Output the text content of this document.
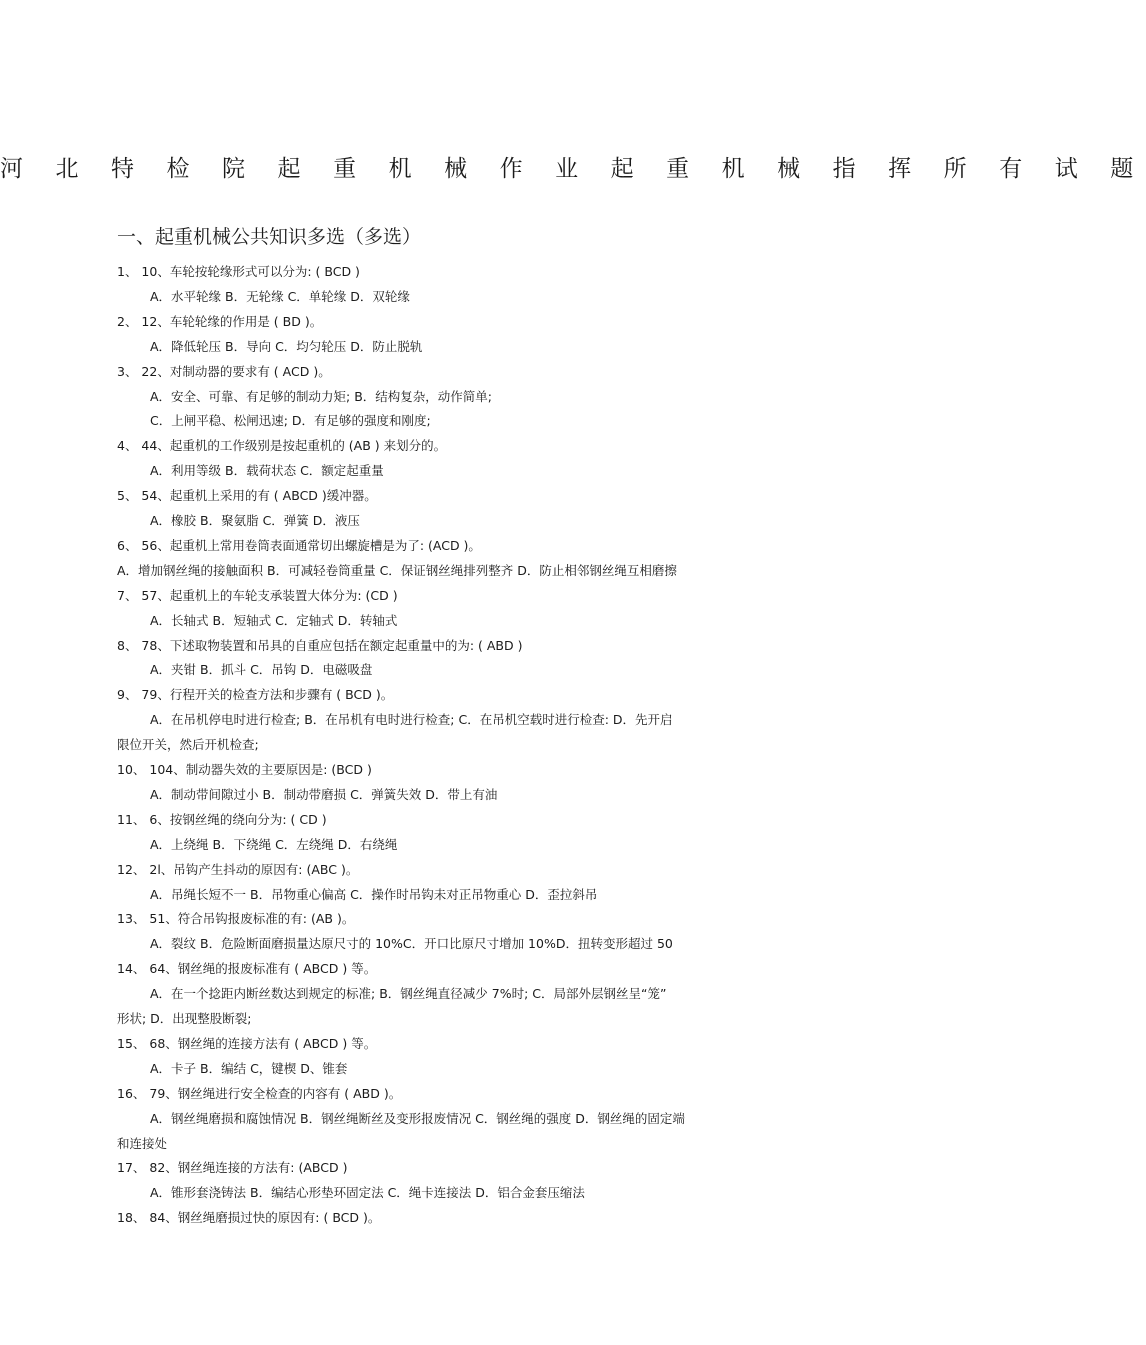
河 北 特 检 院 起 重 机 械 作 业 起 重 机 械 指 挥 所 有 试 题
一、起重机械公共知识多选（多选）
1、 10、车轮按轮缘形式可以分为: ( BCD )
A．水平轮缘 B．无轮缘 C．单轮缘 D．双轮缘
2、 12、车轮轮缘的作用是 ( BD )。
A．降低轮压 B．导向 C．均匀轮压 D．防止脱轨
3、 22、对制动器的要求有 ( ACD )。
A．安全、可靠、有足够的制动力矩; B．结构复杂，动作简单;
C．上闸平稳、松闸迅速; D．有足够的强度和刚度;
4、 44、起重机的工作级别是按起重机的 (AB ) 来划分的。
A．利用等级 B．载荷状态 C．额定起重量
5、 54、起重机上采用的有 ( ABCD )缓冲器。
A．橡胶 B．聚氨脂 C．弹簧 D．液压
6、 56、起重机上常用卷筒表面通常切出螺旋槽是为了: (ACD )。
A．增加钢丝绳的接触面积 B．可减轻卷筒重量 C．保证钢丝绳排列整齐 D．防止相邻钢丝绳互相磨擦
7、 57、起重机上的车轮支承装置大体分为: (CD )
A．长轴式 B．短轴式 C．定轴式 D．转轴式
8、 78、下述取物装置和吊具的自重应包括在额定起重量中的为: ( ABD )
A．夹钳 B．抓斗 C．吊钩 D．电磁吸盘
9、 79、行程开关的检查方法和步骤有 ( BCD )。
A．在吊机停电时进行检查; B．在吊机有电时进行检查; C．在吊机空载时进行检查: D．先开启
限位开关，然后开机检查;
10、 104、制动器失效的主要原因是: (BCD )
A．制动带间隙过小 B．制动带磨损 C．弹簧失效 D．带上有油
11、 6、按钢丝绳的绕向分为: ( CD )
A．上绕绳 B．下绕绳 C．左绕绳 D．右绕绳
12、 2l、吊钩产生抖动的原因有: (ABC )。
A．吊绳长短不一 B．吊物重心偏高 C．操作时吊钩未对正吊物重心 D．歪拉斜吊
13、 51、符合吊钩报废标准的有: (AB )。
A．裂纹 B．危险断面磨损量达原尺寸的 10%C．开口比原尺寸增加 10%D．扭转变形超过 50
14、 64、钢丝绳的报废标准有 ( ABCD ) 等。
A．在一个捻距内断丝数达到规定的标准; B．钢丝绳直径减少 7%时; C．局部外层钢丝呈“笼”
形状; D．出现整股断裂;
15、 68、钢丝绳的连接方法有 ( ABCD ) 等。
A．卡子 B．编结 C，键楔 D、锥套
16、 79、钢丝绳进行安全检查的内容有 ( ABD )。
A．钢丝绳磨损和腐蚀情况 B．钢丝绳断丝及变形报废情况 C．钢丝绳的强度 D．钢丝绳的固定端
和连接处
17、 82、钢丝绳连接的方法有: (ABCD )
A．锥形套浇铸法 B．编结心形垫环固定法 C．绳卡连接法 D．铝合金套压缩法
18、 84、钢丝绳磨损过快的原因有: ( BCD )。
